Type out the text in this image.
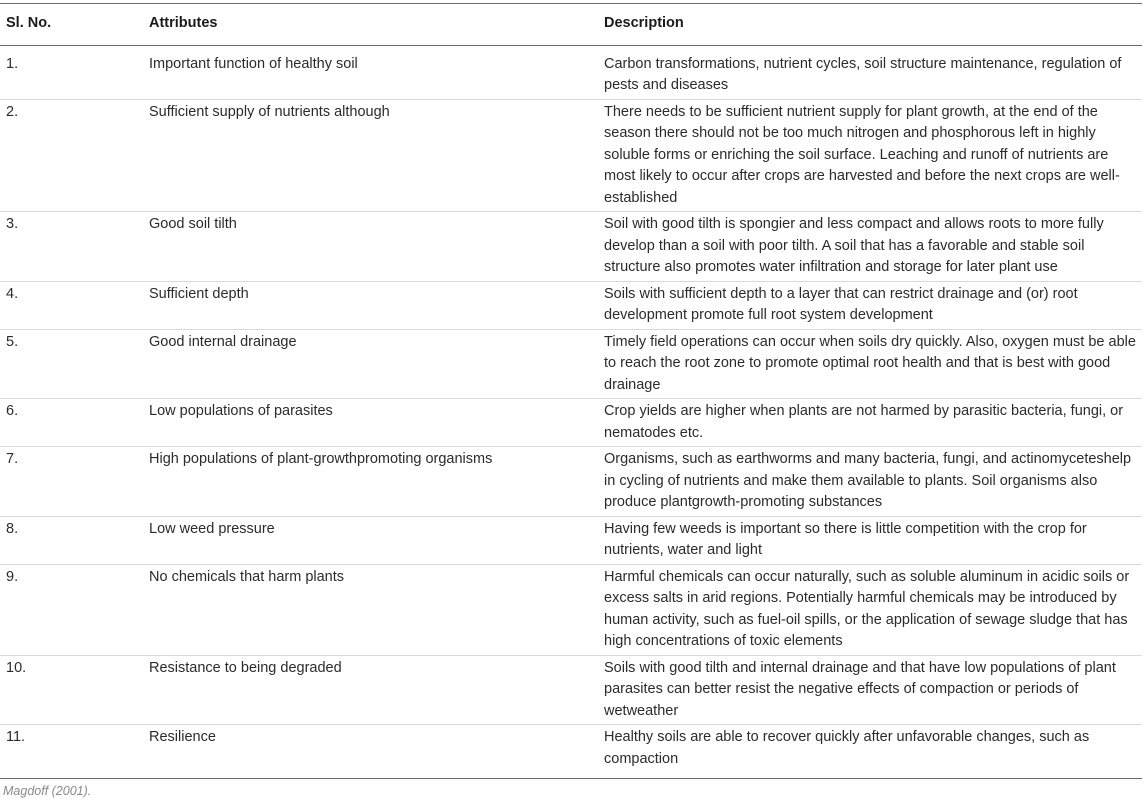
Sl. No.	Attributes	Description
1.	Important function of healthy soil	Carbon transformations, nutrient cycles, soil structure maintenance, regulation of pests and diseases
2.	Sufficient supply of nutrients although	There needs to be sufficient nutrient supply for plant growth, at the end of the season there should not be too much nitrogen and phosphorous left in highly soluble forms or enriching the soil surface. Leaching and runoff of nutrients are most likely to occur after crops are harvested and before the next crops are well-established
3.	Good soil tilth	Soil with good tilth is spongier and less compact and allows roots to more fully develop than a soil with poor tilth. A soil that has a favorable and stable soil structure also promotes water infiltration and storage for later plant use
4.	Sufficient depth	Soils with sufficient depth to a layer that can restrict drainage and (or) root development promote full root system development
5.	Good internal drainage	Timely field operations can occur when soils dry quickly. Also, oxygen must be able to reach the root zone to promote optimal root health and that is best with good drainage
6.	Low populations of parasites	Crop yields are higher when plants are not harmed by parasitic bacteria, fungi, or nematodes etc.
7.	High populations of plant-growthpromoting organisms	Organisms, such as earthworms and many bacteria, fungi, and actinomyceteshelp in cycling of nutrients and make them available to plants. Soil organisms also produce plantgrowth-promoting substances
8.	Low weed pressure	Having few weeds is important so there is little competition with the crop for nutrients, water and light
9.	No chemicals that harm plants	Harmful chemicals can occur naturally, such as soluble aluminum in acidic soils or excess salts in arid regions. Potentially harmful chemicals may be introduced by human activity, such as fuel-oil spills, or the application of sewage sludge that has high concentrations of toxic elements
10.	Resistance to being degraded	Soils with good tilth and internal drainage and that have low populations of plant parasites can better resist the negative effects of compaction or periods of wetweather
11.	Resilience	Healthy soils are able to recover quickly after unfavorable changes, such as compaction
Magdoff (2001).
